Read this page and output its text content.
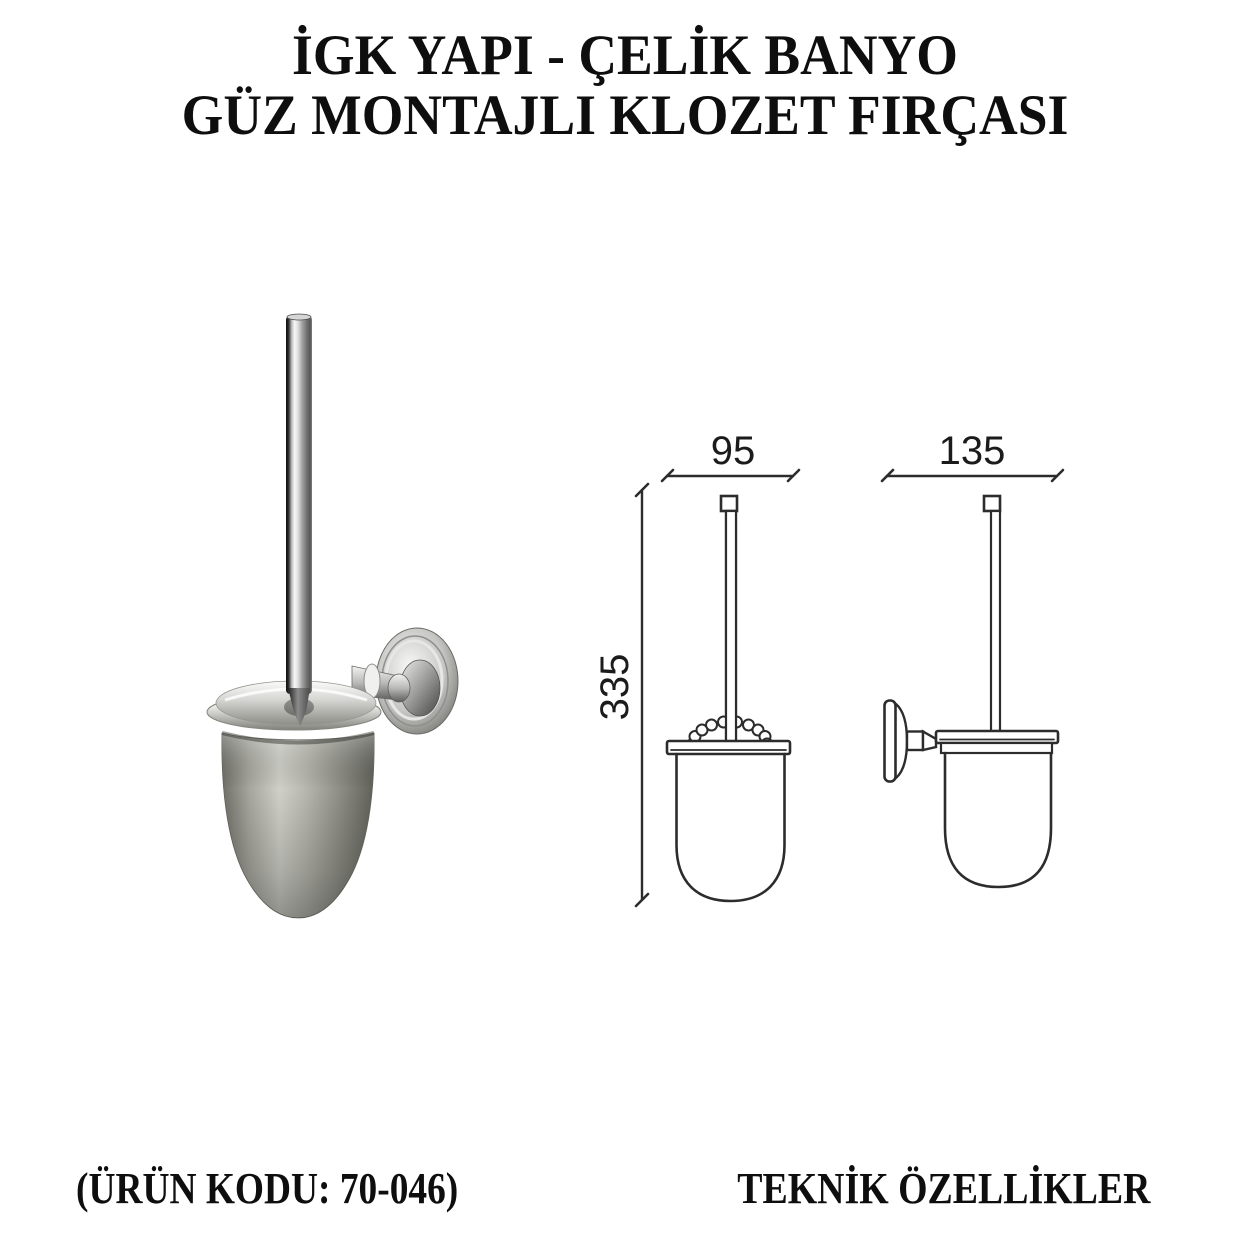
İGK YAPI - ÇELİK BANYO
GÜZ MONTAJLI KLOZET FIRÇASI
335
95	135
(ÜRÜN KODU: 70-046)	TEKNİK ÖZELLİKLER
